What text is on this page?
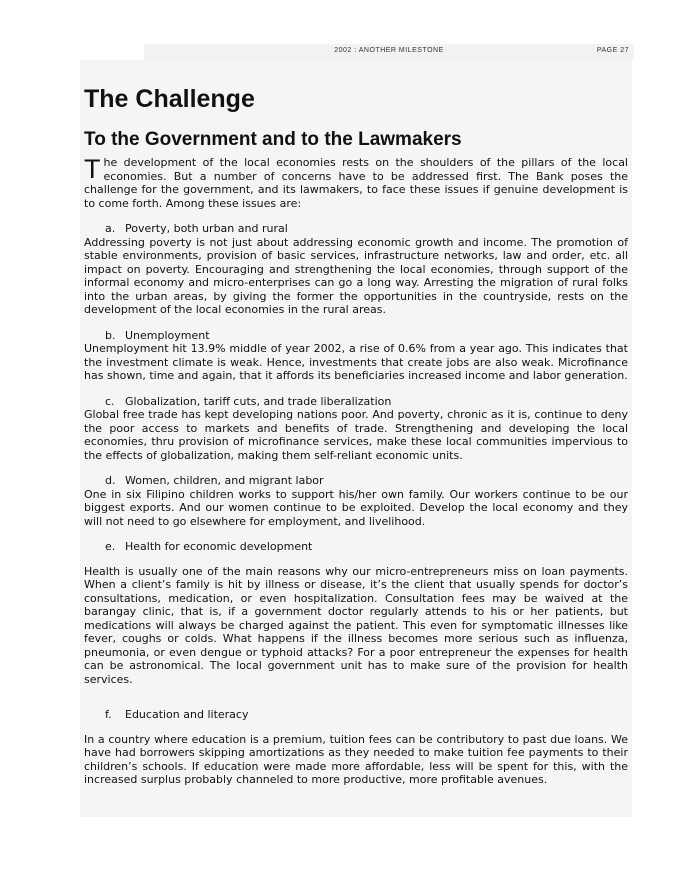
2002 : ANOTHER MILESTONE	PAGE 27
The Challenge
To the Government and to the Lawmakers

The development of the local economies rests on the shoulders of the pillars of the local economies. But a number of concerns have to be addressed first. The Bank poses the challenge for the government, and its lawmakers, to face these issues if genuine development is to come forth. Among these issues are:

a. Poverty, both urban and rural

Addressing poverty is not just about addressing economic growth and income. The promotion of stable environments, provision of basic services, infrastructure networks, law and order, etc. all impact on poverty. Encouraging and strengthening the local economies, through support of the informal economy and micro-enterprises can go a long way. Arresting the migration of rural folks into the urban areas, by giving the former the opportunities in the countryside, rests on the development of the local economies in the rural areas.

b. Unemployment

Unemployment hit 13.9% middle of year 2002, a rise of 0.6% from a year ago. This indicates that the investment climate is weak. Hence, investments that create jobs are also weak. Microfinance has shown, time and again, that it affords its beneficiaries increased income and labor generation.

c. Globalization, tariff cuts, and trade liberalization

Global free trade has kept developing nations poor. And poverty, chronic as it is, continue to deny the poor access to markets and benefits of trade. Strengthening and developing the local economies, thru provision of microfinance services, make these local communities impervious to the effects of globalization, making them self-reliant economic units.

d. Women, children, and migrant labor

One in six Filipino children works to support his/her own family. Our workers continue to be our biggest exports. And our women continue to be exploited. Develop the local economy and they will not need to go elsewhere for employment, and livelihood.

e. Health for economic development

Health is usually one of the main reasons why our micro-entrepreneurs miss on loan payments. When a client’s family is hit by illness or disease, it’s the client that usually spends for doctor’s consultations, medication, or even hospitalization. Consultation fees may be waived at the barangay clinic, that is, if a government doctor regularly attends to his or her patients, but medications will always be charged against the patient. This even for symptomatic illnesses like fever, coughs or colds. What happens if the illness becomes more serious such as influenza, pneumonia, or even dengue or typhoid attacks? For a poor entrepreneur the expenses for health can be astronomical. The local government unit has to make sure of the provision for health services.

f. Education and literacy

In a country where education is a premium, tuition fees can be contributory to past due loans. We have had borrowers skipping amortizations as they needed to make tuition fee payments to their children’s schools. If education were made more affordable, less will be spent for this, with the increased surplus probably channeled to more productive, more profitable avenues.
